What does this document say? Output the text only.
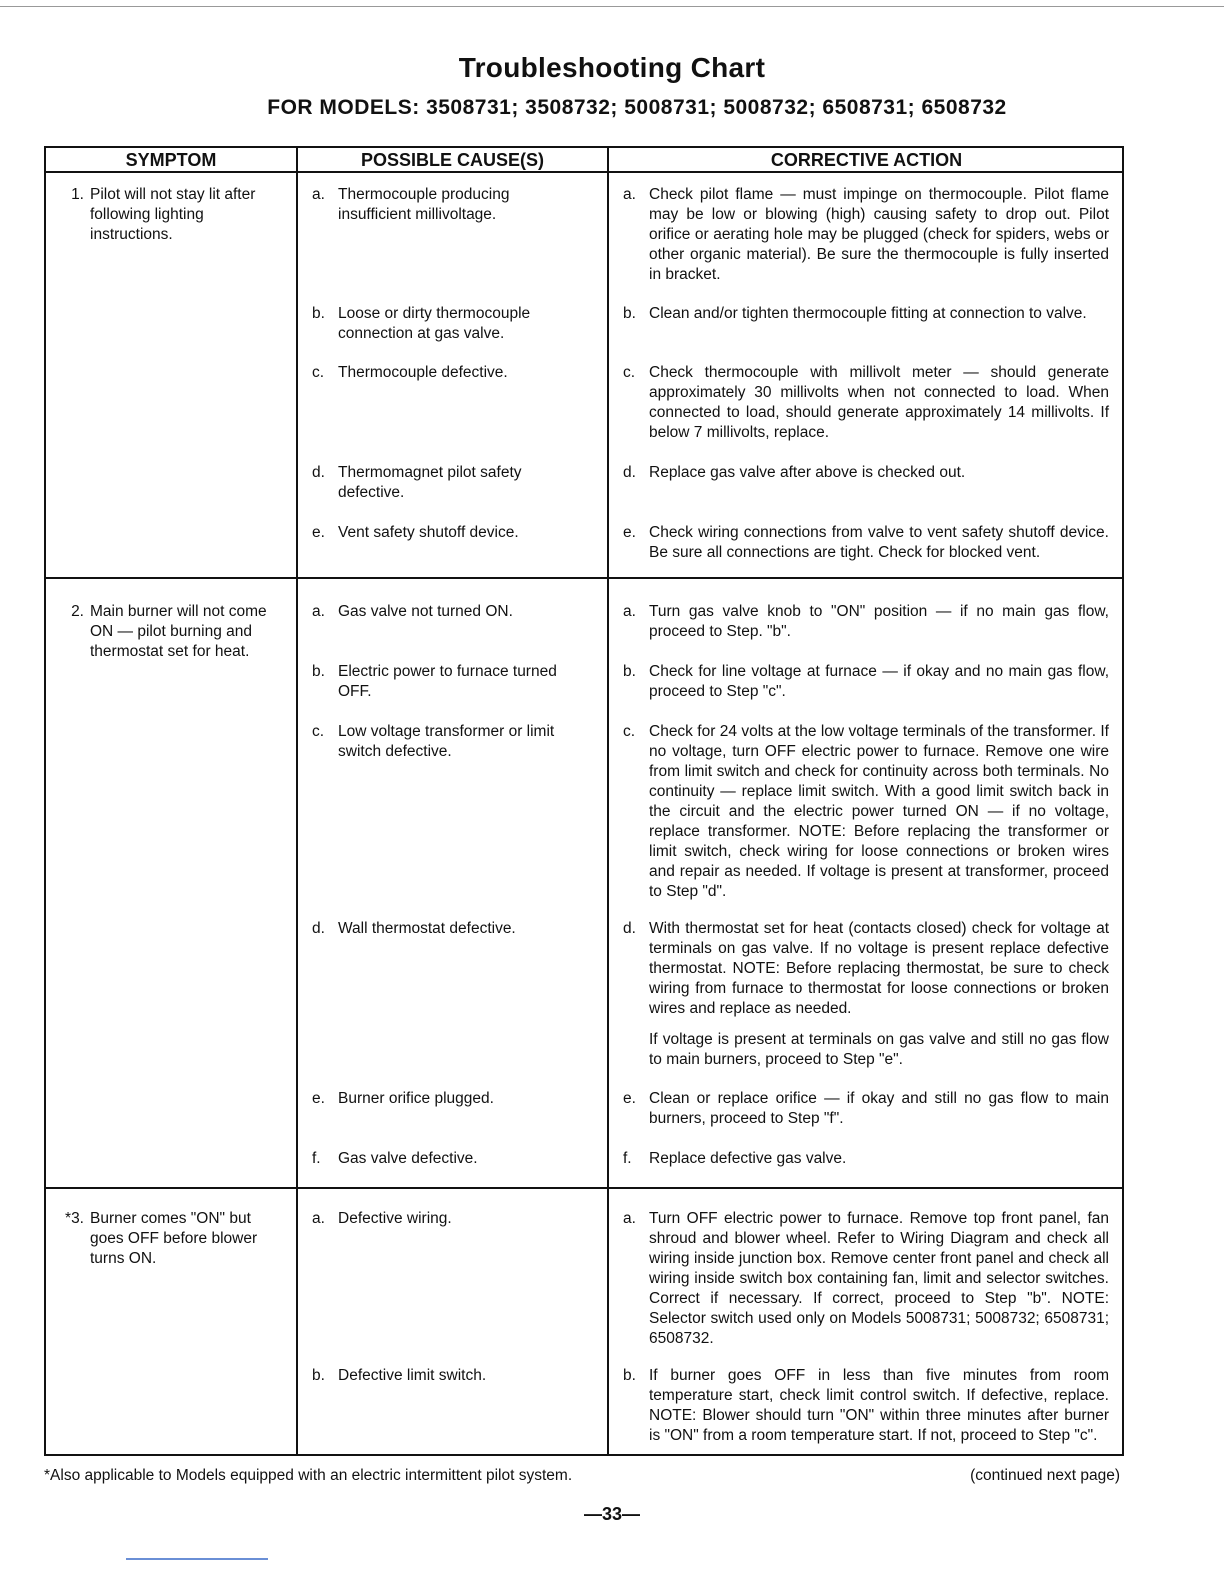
Troubleshooting Chart
FOR MODELS: 3508731; 3508732; 5008731; 5008732; 6508731; 6508732
SYMPTOM	POSSIBLE CAUSE(S)	CORRECTIVE ACTION
1. Pilot will not stay lit after following lighting instructions.
a. Thermocouple producing insufficient millivoltage.
a. Check pilot flame — must impinge on thermocouple. Pilot flame may be low or blowing (high) causing safety to drop out. Pilot orifice or aerating hole may be plugged (check for spiders, webs or other organic material). Be sure the thermocouple is fully inserted in bracket.
b. Loose or dirty thermocouple connection at gas valve.
b. Clean and/or tighten thermocouple fitting at connection to valve.
c. Thermocouple defective.	c. Check thermocouple with millivolt meter — should generate approximately 30 millivolts when not connected to load. When connected to load, should generate approximately 14 millivolts. If below 7 millivolts, replace.
d. Thermomagnet pilot safety defective.
d. Replace gas valve after above is checked out.
e. Vent safety shutoff device.	e. Check wiring connections from valve to vent safety shutoff device. Be sure all connections are tight. Check for blocked vent.
2. Main burner will not come ON — pilot burning and thermostat set for heat.
a. Gas valve not turned ON.	a. Turn gas valve knob to "ON" position — if no main gas flow, proceed to Step. "b".
b. Electric power to furnace turned OFF.
b. Check for line voltage at furnace — if okay and no main gas flow, proceed to Step "c".
c. Low voltage transformer or limit switch defective.
c. Check for 24 volts at the low voltage terminals of the transformer. If no voltage, turn OFF electric power to furnace. Remove one wire from limit switch and check for continuity across both terminals. No continuity — replace limit switch. With a good limit switch back in the circuit and the electric power turned ON — if no voltage, replace transformer. NOTE: Before replacing the transformer or limit switch, check wiring for loose connections or broken wires and repair as needed. If voltage is present at transformer, proceed to Step "d".
d. Wall thermostat defective.	d. With thermostat set for heat (contacts closed) check for voltage at terminals on gas valve. If no voltage is present replace defective thermostat. NOTE: Before replacing thermostat, be sure to check wiring from furnace to thermostat for loose connections or broken wires and replace as needed.
If voltage is present at terminals on gas valve and still no gas flow to main burners, proceed to Step "e".
e. Burner orifice plugged.	e. Clean or replace orifice — if okay and still no gas flow to main burners, proceed to Step "f".
f.	Gas valve defective.	f.	Replace defective gas valve.
*3. Burner comes "ON" but goes OFF before blower turns ON.
a. Defective wiring.	a. Turn OFF electric power to furnace. Remove top front panel, fan shroud and blower wheel. Refer to Wiring Diagram and check all wiring inside junction box. Remove center front panel and check all wiring inside switch box containing fan, limit and selector switches. Correct if necessary. If correct, proceed to Step "b". NOTE: Selector switch used only on Models 5008731; 5008732; 6508731; 6508732.
b. Defective limit switch.	b. If burner goes OFF in less than five minutes from room temperature start, check limit control switch. If defective, replace. NOTE: Blower should turn "ON" within three minutes after burner is "ON" from a room temperature start. If not, proceed to Step "c".
*Also applicable to Models equipped with an electric intermittent pilot system.	(continued next page)
—33—
